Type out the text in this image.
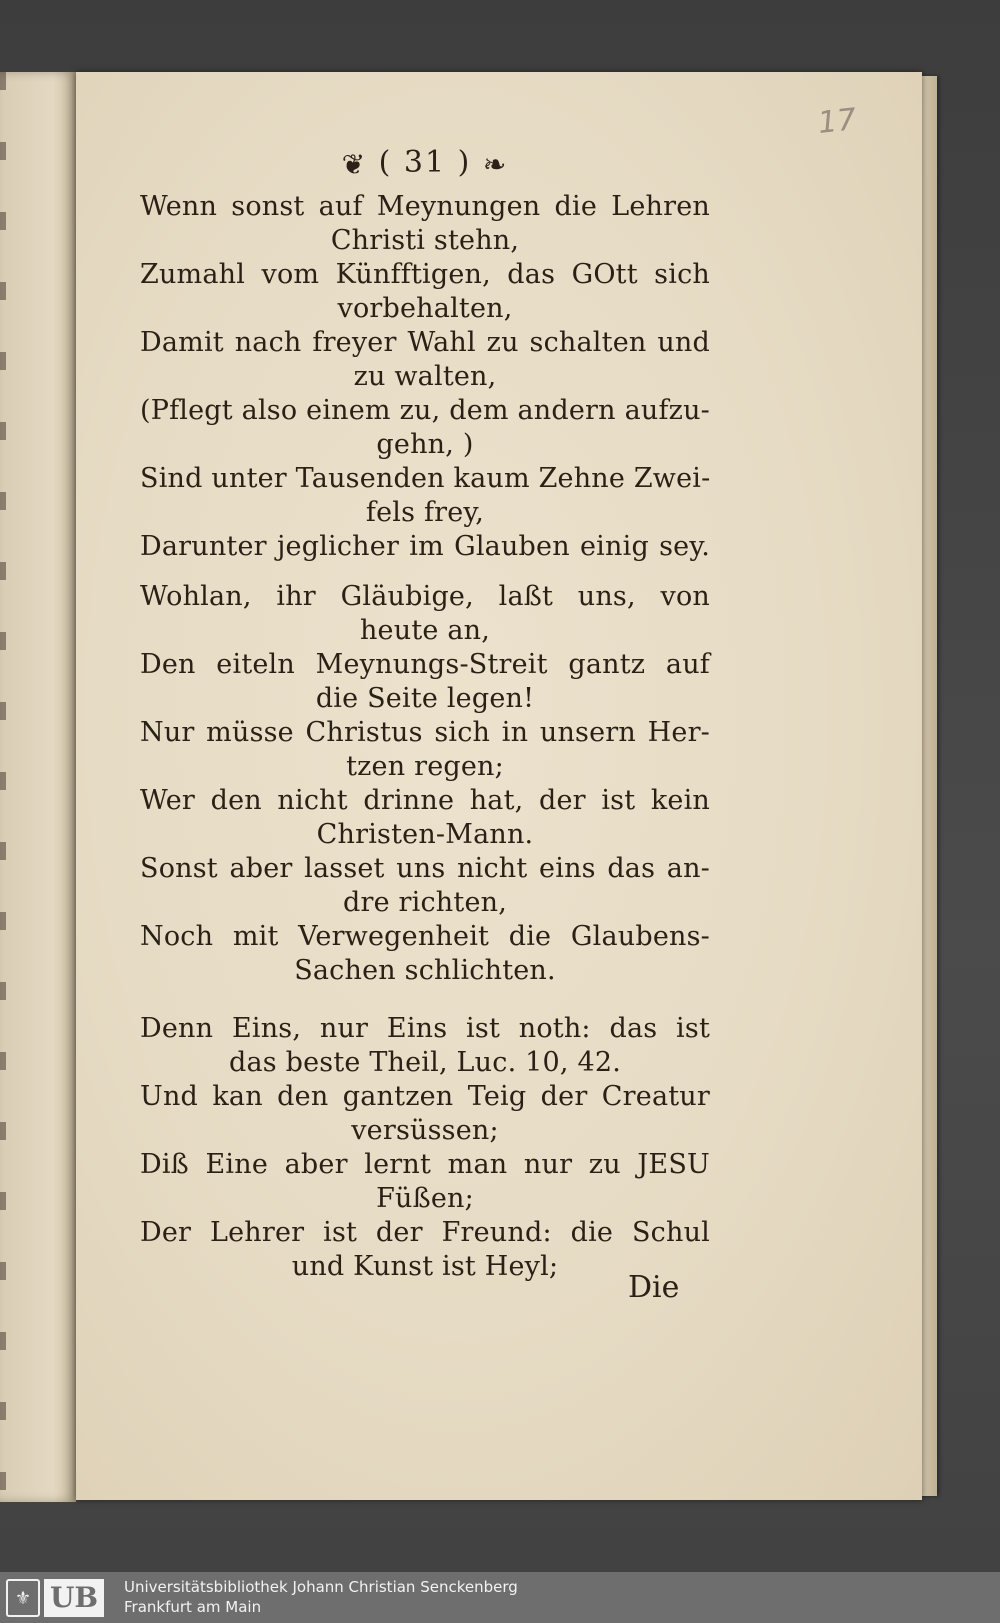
17
❦ ( 31 ) ❧
Wenn sonst auf Meynungen die Lehren
Christi stehn,
Zumahl vom Künfftigen, das GOtt sich
vorbehalten,
Damit nach freyer Wahl zu schalten und
zu walten,
(Pflegt also einem zu, dem andern aufzu-
gehn, )
Sind unter Tausenden kaum Zehne Zwei-
fels frey,
Darunter jeglicher im Glauben einig sey.
Wohlan, ihr Gläubige, laßt uns, von
heute an,
Den eiteln Meynungs-Streit gantz auf
die Seite legen!
Nur müsse Christus sich in unsern Her-
tzen regen;
Wer den nicht drinne hat, der ist kein
Christen-Mann.
Sonst aber lasset uns nicht eins das an-
dre richten,
Noch mit Verwegenheit die Glaubens-
Sachen schlichten.
Denn Eins, nur Eins ist noth: das ist
das beste Theil, Luc. 10, 42.
Und kan den gantzen Teig der Creatur
versüssen;
Diß Eine aber lernt man nur zu JESU
Füßen;
Der Lehrer ist der Freund: die Schul
und Kunst ist Heyl;
Die
⚜ UB	Universitätsbibliothek Johann Christian Senckenberg
Frankfurt am Main
